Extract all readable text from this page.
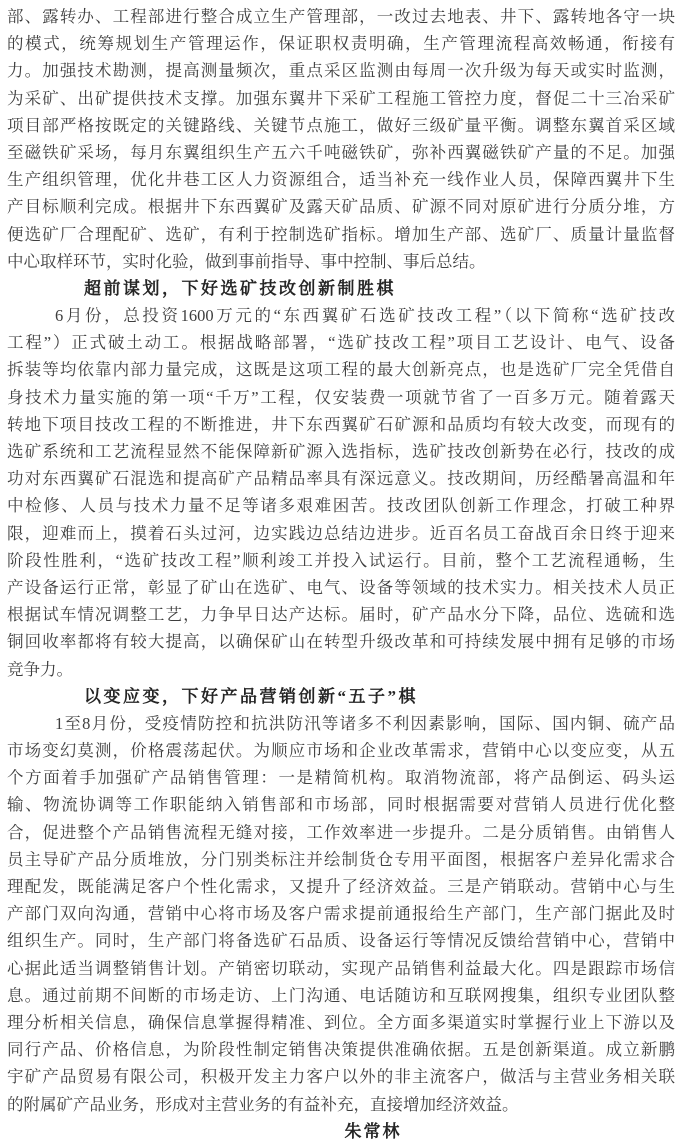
部、露转办、工程部进行整合成立生产管理部，一改过去地表、井下、露转地各守一块
的模式，统筹规划生产管理运作，保证职权责明确，生产管理流程高效畅通，衔接有
力。加强技术勘测，提高测量频次，重点采区监测由每周一次升级为每天或实时监测，
为采矿、出矿提供技术支撑。加强东翼井下采矿工程施工管控力度，督促二十三冶采矿
项目部严格按既定的关键路线、关键节点施工，做好三级矿量平衡。调整东翼首采区域
至磁铁矿采场，每月东翼组织生产五六千吨磁铁矿，弥补西翼磁铁矿产量的不足。加强
生产组织管理，优化井巷工区人力资源组合，适当补充一线作业人员，保障西翼井下生
产目标顺利完成。根据井下东西翼矿及露天矿品质、矿源不同对原矿进行分质分堆，方
便选矿厂合理配矿、选矿，有利于控制选矿指标。增加生产部、选矿厂、质量计量监督
中心取样环节，实时化验，做到事前指导、事中控制、事后总结。
超前谋划，下好选矿技改创新制胜棋
6月份，总投资1600万元的“东西翼矿石选矿技改工程”（以下简称“选矿技改
工程”）正式破土动工。根据战略部署，“选矿技改工程”项目工艺设计、电气、设备
拆装等均依靠内部力量完成，这既是这项工程的最大创新亮点，也是选矿厂完全凭借自
身技术力量实施的第一项“千万”工程，仅安装费一项就节省了一百多万元。随着露天
转地下项目技改工程的不断推进，井下东西翼矿石矿源和品质均有较大改变，而现有的
选矿系统和工艺流程显然不能保障新矿源入选指标，选矿技改创新势在必行，技改的成
功对东西翼矿石混选和提高矿产品精品率具有深远意义。技改期间，历经酷暑高温和年
中检修、人员与技术力量不足等诸多艰难困苦。技改团队创新工作理念，打破工种界
限，迎难而上，摸着石头过河，边实践边总结边进步。近百名员工奋战百余日终于迎来
阶段性胜利，“选矿技改工程”顺利竣工并投入试运行。目前，整个工艺流程通畅，生
产设备运行正常，彰显了矿山在选矿、电气、设备等领域的技术实力。相关技术人员正
根据试车情况调整工艺，力争早日达产达标。届时，矿产品水分下降，品位、选硫和选
铜回收率都将有较大提高，以确保矿山在转型升级改革和可持续发展中拥有足够的市场
竞争力。
以变应变，下好产品营销创新“五子”棋
1至8月份，受疫情防控和抗洪防汛等诸多不利因素影响，国际、国内铜、硫产品
市场变幻莫测，价格震荡起伏。为顺应市场和企业改革需求，营销中心以变应变，从五
个方面着手加强矿产品销售管理：一是精简机构。取消物流部，将产品倒运、码头运
输、物流协调等工作职能纳入销售部和市场部，同时根据需要对营销人员进行优化整
合，促进整个产品销售流程无缝对接，工作效率进一步提升。二是分质销售。由销售人
员主导矿产品分质堆放，分门别类标注并绘制货仓专用平面图，根据客户差异化需求合
理配发，既能满足客户个性化需求，又提升了经济效益。三是产销联动。营销中心与生
产部门双向沟通，营销中心将市场及客户需求提前通报给生产部门，生产部门据此及时
组织生产。同时，生产部门将备选矿石品质、设备运行等情况反馈给营销中心，营销中
心据此适当调整销售计划。产销密切联动，实现产品销售利益最大化。四是跟踪市场信
息。通过前期不间断的市场走访、上门沟通、电话随访和互联网搜集，组织专业团队整
理分析相关信息，确保信息掌握得精准、到位。全方面多渠道实时掌握行业上下游以及
同行产品、价格信息，为阶段性制定销售决策提供准确依据。五是创新渠道。成立新鹏
宇矿产品贸易有限公司，积极开发主力客户以外的非主流客户，做活与主营业务相关联
的附属矿产品业务，形成对主营业务的有益补充，直接增加经济效益。
朱常林
